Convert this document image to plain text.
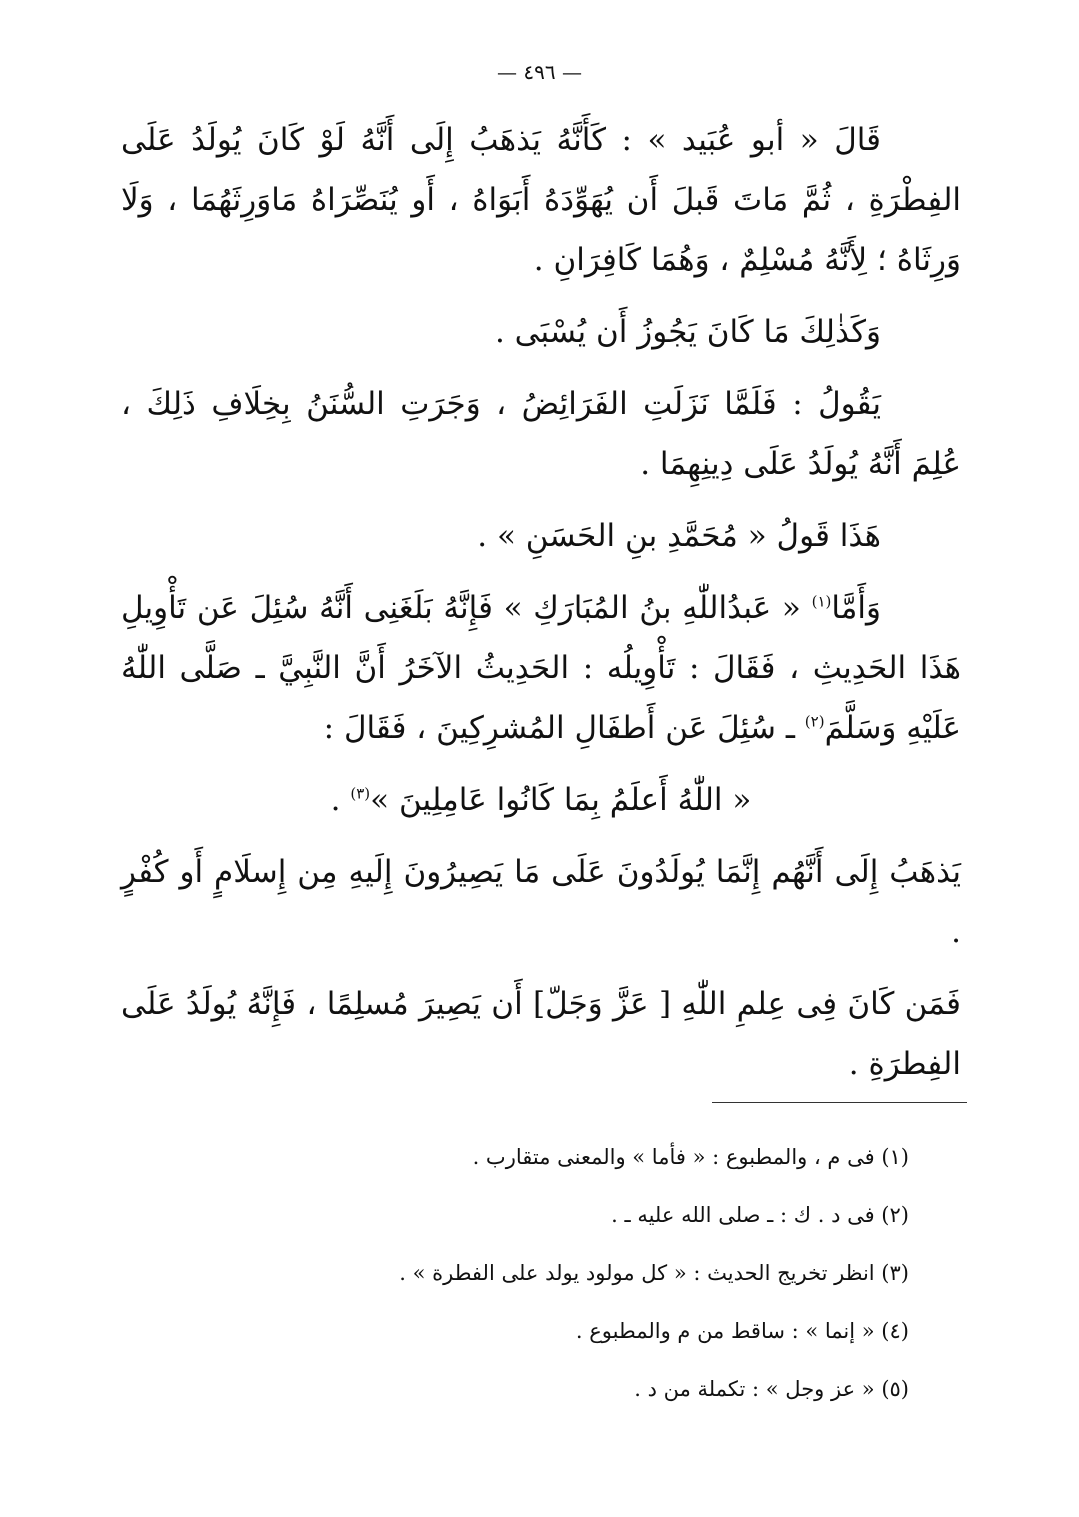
— ٤٩٦ —

قَالَ « أبو عُبَيد » : كَأَنَّهُ يَذهَبُ إِلَى أَنَّهُ لَوْ كَانَ يُولَدُ عَلَى الفِطْرَةِ ، ثُمَّ مَاتَ قَبلَ أَن يُهَوِّدَهُ أَبَوَاهُ ، أَو يُنَصِّرَاهُ مَاوَرِثَهُمَا ، وَلَا وَرِثَاهُ ؛ لِأَنَّهُ مُسْلِمٌ ، وَهُمَا كَافِرَانِ .

وَكَذٰلِكَ مَا كَانَ يَجُوزُ أَن يُسْبَى .

يَقُولُ : فَلَمَّا نَزَلَتِ الفَرَائِضُ ، وَجَرَتِ السُّنَنُ بِخِلَافِ ذَلِكَ ، عُلِمَ أَنَّهُ يُولَدُ عَلَى دِينِهِمَا .

هَذَا قَولُ « مُحَمَّدِ بنِ الحَسَنِ » .

وَأَمَّا$^{(١)}$ « عَبدُاللّٰهِ بنُ المُبَارَكِ » فَإِنَّهُ بَلَغَنِى أَنَّهُ سُئِلَ عَن تَأْوِيلِ هَذَا الحَدِيثِ ، فَقَالَ : تَأْوِيلُه : الحَدِيثُ الآخَرُ أَنَّ النَّبِيَّ ـ صَلَّى اللّٰهُ عَلَيْهِ وَسَلَّمَ$^{(٢)}$ ـ سُئِلَ عَن أَطفَالِ المُشرِكِينَ ، فَقَالَ :

« اللّٰهُ أَعلَمُ بِمَا كَانُوا عَامِلِينَ »$^{(٣)}$ .

يَذهَبُ إِلَى أَنَّهُم إِنَّمَا يُولَدُونَ عَلَى مَا يَصِيرُونَ إِلَيهِ مِن إِسلَامٍ أَو كُفْرٍ .

فَمَن كَانَ فِى عِلمِ اللّٰهِ [ عَزَّ وَجَلّ] أَن يَصِيرَ مُسلِمًا ، فَإِنَّهُ يُولَدُ عَلَى الفِطرَةِ .

(١) فى م ، والمطبوع : « فأما » والمعنى متقارب .

(٢) فى د . ك : ـ صلى الله عليه ـ .

(٣) انظر تخريج الحديث : « كل مولود يولد على الفطرة » .

(٤) « إنما » : ساقط من م والمطبوع .

(٥) « عز وجل » : تكملة من د .
